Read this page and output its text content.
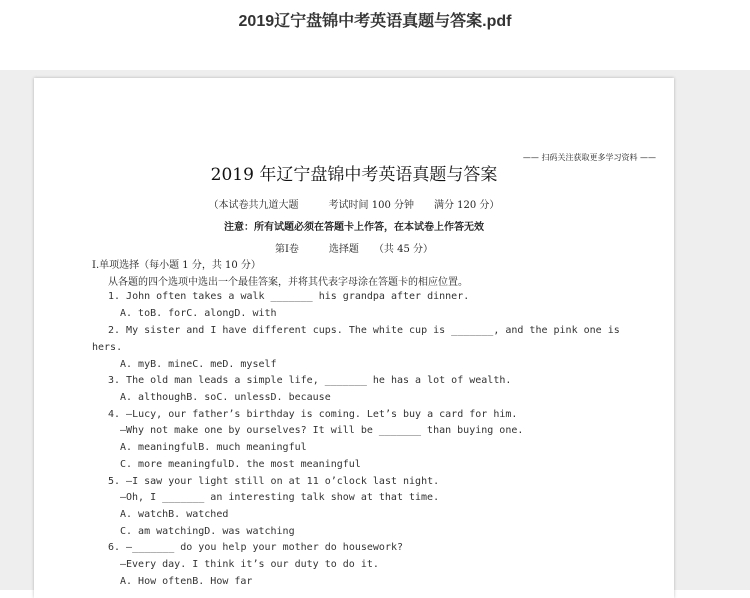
2019辽宁盘锦中考英语真题与答案.pdf
—— 扫码关注获取更多学习资料 ——
2019 年辽宁盘锦中考英语真题与答案
（本试卷共九道大题　　　考试时间 100 分钟　　满分 120 分）
注意：所有试题必须在答题卡上作答，在本试卷上作答无效
第Ⅰ卷　　　选择题　　（共 45 分）
Ⅰ.单项选择（每小题 1 分，共 10 分）
从各题的四个选项中选出一个最佳答案，并将其代表字母涂在答题卡的相应位置。
1. John often takes a walk _______ his grandpa after dinner.
A. toB. forC. alongD. with
2. My sister and I have different cups. The white cup is _______, and the pink one is
hers.
A. myB. mineC. meD. myself
3. The old man leads a simple life, _______ he has a lot of wealth.
A. althoughB. soC. unlessD. because
4. —Lucy, our father’s birthday is coming. Let’s buy a card for him.
—Why not make one by ourselves? It will be _______ than buying one.
A. meaningfulB. much meaningful
C. more meaningfulD. the most meaningful
5. —I saw your light still on at 11 o’clock last night.
—Oh, I _______ an interesting talk show at that time.
A. watchB. watched
C. am watchingD. was watching
6. —_______ do you help your mother do housework?
—Every day. I think it’s our duty to do it.
A. How oftenB. How far
